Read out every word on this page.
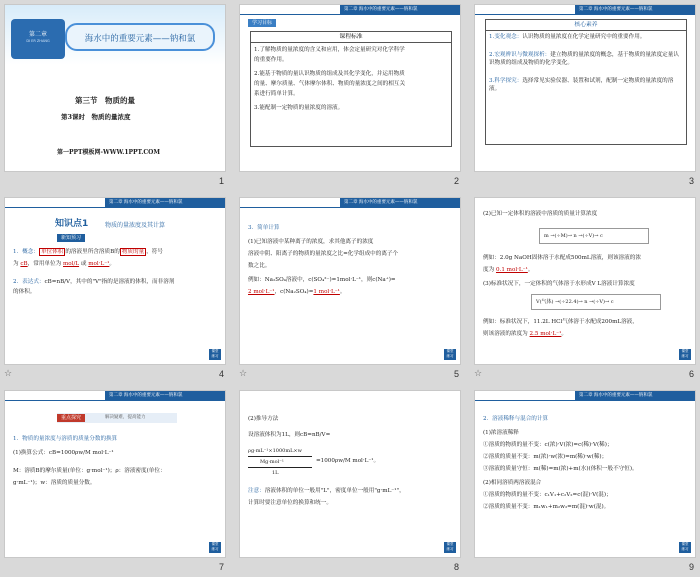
第二章
DI ER ZHANG	海水中的重要元素——钠和氯
第三节　物质的量
第3课时　物质的量浓度
第一PPT模板网-WWW.1PPT.COM
1
第二章 海水中的重要元素——钠和氯
学习目标
课程标准
1.了解物质的量浓度的含义和应用，体会定量研究对化学科学
的重要作用。
2.能基于物质的量认识物质的组成及其化学变化，并运用物质
的量、摩尔质量、气体摩尔体积、物质的量浓度之间的相互关
系进行简单计算。
3.能配制一定物质的量浓度的溶液。
2
第二章 海水中的重要元素——钠和氯
核心素养
1.变化观念：认识物质的量浓度在化学定量研究中的重要作用。
2.宏观辨识与微观探析：建立物质的量浓度的概念，基于物质的量浓度定量认识物质的组成及物质的化学变化。
3.科学探究：选择常见实验仪器、装置和试剂，配制一定物质的量浓度的溶液。
3
第二章 海水中的重要元素——钠和氯
知识点1	物质的量浓度及其计算
新知预习
1．概念： 单位体积 的溶液里所含溶质B的 物质的量 ，符号
为 cB，常用单位为 mol/L 或 mol·L⁻¹。
2．表达式：cB=nB/V，其中的"V"指的是溶液的体积，而非溶剂
的体积。
课堂
练习
☆	4
第二章 海水中的重要元素——钠和氯
3．简单计算
(1)已知溶液中某种离子的浓度，求其他离子的浓度
溶液中阴、阳离子的物质的量浓度之比=化学组成中的离子个
数之比。
例如：Na₂SO₄溶液中，c(SO₄²⁻)=1mol·L⁻¹，则c(Na⁺)=
2 mol·L⁻¹，c(Na₂SO₄)=1 mol·L⁻¹。
课堂
练习
☆	5
(2)已知一定体积的溶液中溶质的质量计算浓度
m →(÷M)→ n →(÷V)→ c
例如：2.0g NaOH固体溶于水配成500mL溶液，则该溶液的浓
度为 0.1 mol·L⁻¹。
(3)标准状况下，一定体积的气体溶于水形成V L溶液计算浓度
V(气体) →(÷22.4)→ n →(÷V)→ c
例如：标准状况下，11.2L HCl气体溶于水配成200mL溶液，
则该溶液的浓度为 2.5 mol·L⁻¹。
课堂
练习
☆	6
第二章 海水中的重要元素——钠和氯
重点探究	解决疑难，提高能力
1．物质的量浓度与溶质的质量分数的换算
(1)换算公式：cB=1000ρw/M mol·L⁻¹
M：溶质B的摩尔质量(单位：g·mol⁻¹)；ρ：溶液密度(单位：
g·mL⁻¹)；w：溶质的质量分数。
课堂
练习
7
(2)推导方法
设溶液体积为1L，则cB=nB/V=
ρg·mL⁻¹×1000mL×w
Mg·mol⁻¹
1L
=1000ρw/M mol·L⁻¹。
注意：溶液体积的单位一般用"L"，密度单位一般用"g·mL⁻¹"，
计算时要注意单位的换算和统一。
课堂
练习
8
第二章 海水中的重要元素——钠和氯
2．溶液稀释与混合的计算
(1)浓溶液稀释
①溶质的物质的量不变：c(浓)·V(浓)=c(稀)·V(稀)；
②溶质的质量不变：m(浓)·w(浓)=m(稀)·w(稀)；
③溶液的质量守恒：m(稀)=m(浓)+m(水)(体积一般不守恒)。
(2)相同溶质两溶液混合
①溶质的物质的量不变：c₁V₁+c₂V₂=c(混)·V(混)；
②溶质的质量不变：m₁w₁+m₂w₂=m(混)·w(混)。
课堂
练习
9
